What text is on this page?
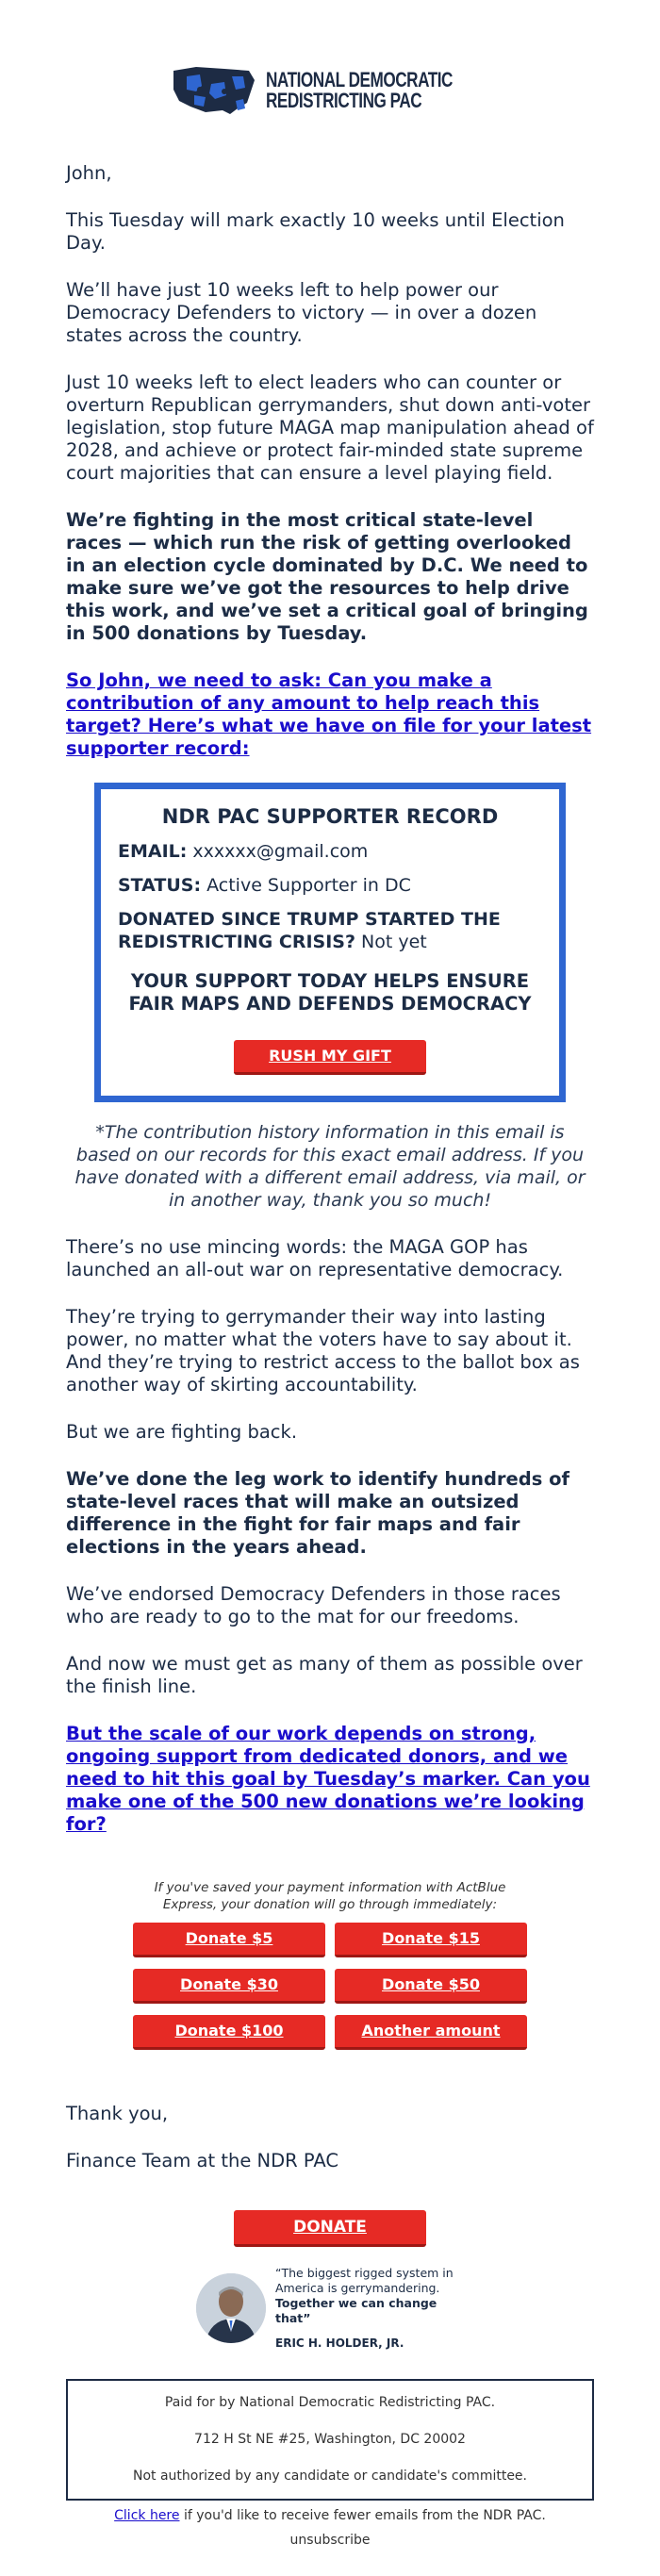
NATIONAL DEMOCRATIC
REDISTRICTING PAC

John,

This Tuesday will mark exactly 10 weeks until Election Day.

We’ll have just 10 weeks left to help power our Democracy Defenders to victory — in over a dozen states across the country.

Just 10 weeks left to elect leaders who can counter or overturn Republican gerrymanders, shut down anti-voter legislation, stop future MAGA map manipulation ahead of 2028, and achieve or protect fair-minded state supreme court majorities that can ensure a level playing field.

We’re fighting in the most critical state-level races — which run the risk of getting overlooked in an election cycle dominated by D.C. We need to make sure we’ve got the resources to help drive this work, and we’ve set a critical goal of bringing in 500 donations by Tuesday.

So John, we need to ask: Can you make a contribution of any amount to help reach this target? Here’s what we have on file for your latest supporter record:

NDR PAC SUPPORTER RECORD
EMAIL: xxxxxx@gmail.com
STATUS: Active Supporter in DC
DONATED SINCE TRUMP STARTED THE REDISTRICTING CRISIS? Not yet
YOUR SUPPORT TODAY HELPS ENSURE FAIR MAPS AND DEFENDS DEMOCRACY
RUSH MY GIFT

*The contribution history information in this email is based on our records for this exact email address. If you have donated with a different email address, via mail, or in another way, thank you so much!

There’s no use mincing words: the MAGA GOP has launched an all-out war on representative democracy.

They’re trying to gerrymander their way into lasting power, no matter what the voters have to say about it. And they’re trying to restrict access to the ballot box as another way of skirting accountability.

But we are fighting back.

We’ve done the leg work to identify hundreds of state-level races that will make an outsized difference in the fight for fair maps and fair elections in the years ahead.

We’ve endorsed Democracy Defenders in those races who are ready to go to the mat for our freedoms.

And now we must get as many of them as possible over the finish line.

But the scale of our work depends on strong, ongoing support from dedicated donors, and we need to hit this goal by Tuesday’s marker. Can you make one of the 500 new donations we’re looking for?

If you've saved your payment information with ActBlue Express, your donation will go through immediately:
Donate $5	Donate $15
Donate $30	Donate $50
Donate $100	Another amount

Thank you,

Finance Team at the NDR PAC

DONATE
“The biggest rigged system in America is gerrymandering.
Together we can change that”
ERIC H. HOLDER, JR.

Paid for by National Democratic Redistricting PAC.

712 H St NE #25, Washington, DC 20002

Not authorized by any candidate or candidate's committee.

Click here if you'd like to receive fewer emails from the NDR PAC.
unsubscribe
